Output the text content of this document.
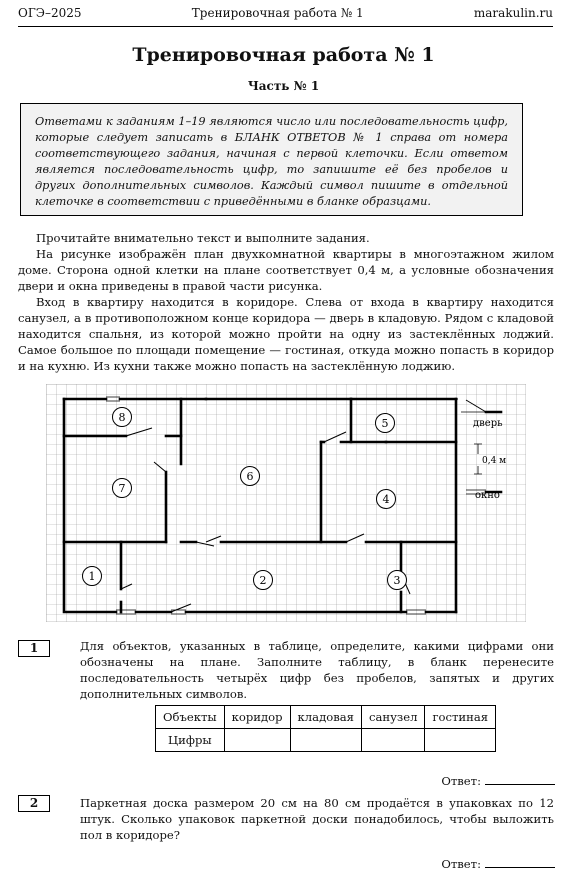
ОГЭ–2025	Тренировочная работа № 1	marakulin.ru
Тренировочная работа № 1
Часть № 1
Ответами к заданиям 1–19 являются число или последовательность цифр, которые следует записать в БЛАНК ОТВЕТОВ № 1 справа от номера соответствующего задания, начиная с первой клеточки. Если ответом является последовательность цифр, то запишите её без пробелов и других дополнительных символов. Каждый символ пишите в отдельной клеточке в соответствии с приведёнными в бланке образцами.

Прочитайте внимательно текст и выполните задания.

На рисунке изображён план двухкомнатной квартиры в многоэтажном жилом доме. Сторона одной клетки на плане соответствует 0,4 м, а условные обозначения двери и окна приведены в правой части рисунка.

Вход в квартиру находится в коридоре. Слева от входа в квартиру находится санузел, а в противоположном конце коридора — дверь в кладовую. Рядом с кладовой находится спальня, из которой можно пройти на одну из застеклённых лоджий. Самое большое по площади помещение — гостиная, откуда можно попасть в коридор и на кухню. Из кухни также можно попасть на застеклённую лоджию.

дверь
0,4 м
окно
1	2	3
4
5
6
7
8
1	Для объектов, указанных в таблице, определите, какими цифрами они обозначены на плане. Заполните таблицу, в бланк перенесите последовательность четырёх цифр без пробелов, запятых и других дополнительных символов.
Объекты	коридор	кладовая	санузел	гостиная
Цифры				
Ответ:
2	Паркетная доска размером 20 см на 80 см продаётся в упаковках по 12 штук. Сколько упаковок паркетной доски понадобилось, чтобы выложить пол в коридоре?
Ответ:
